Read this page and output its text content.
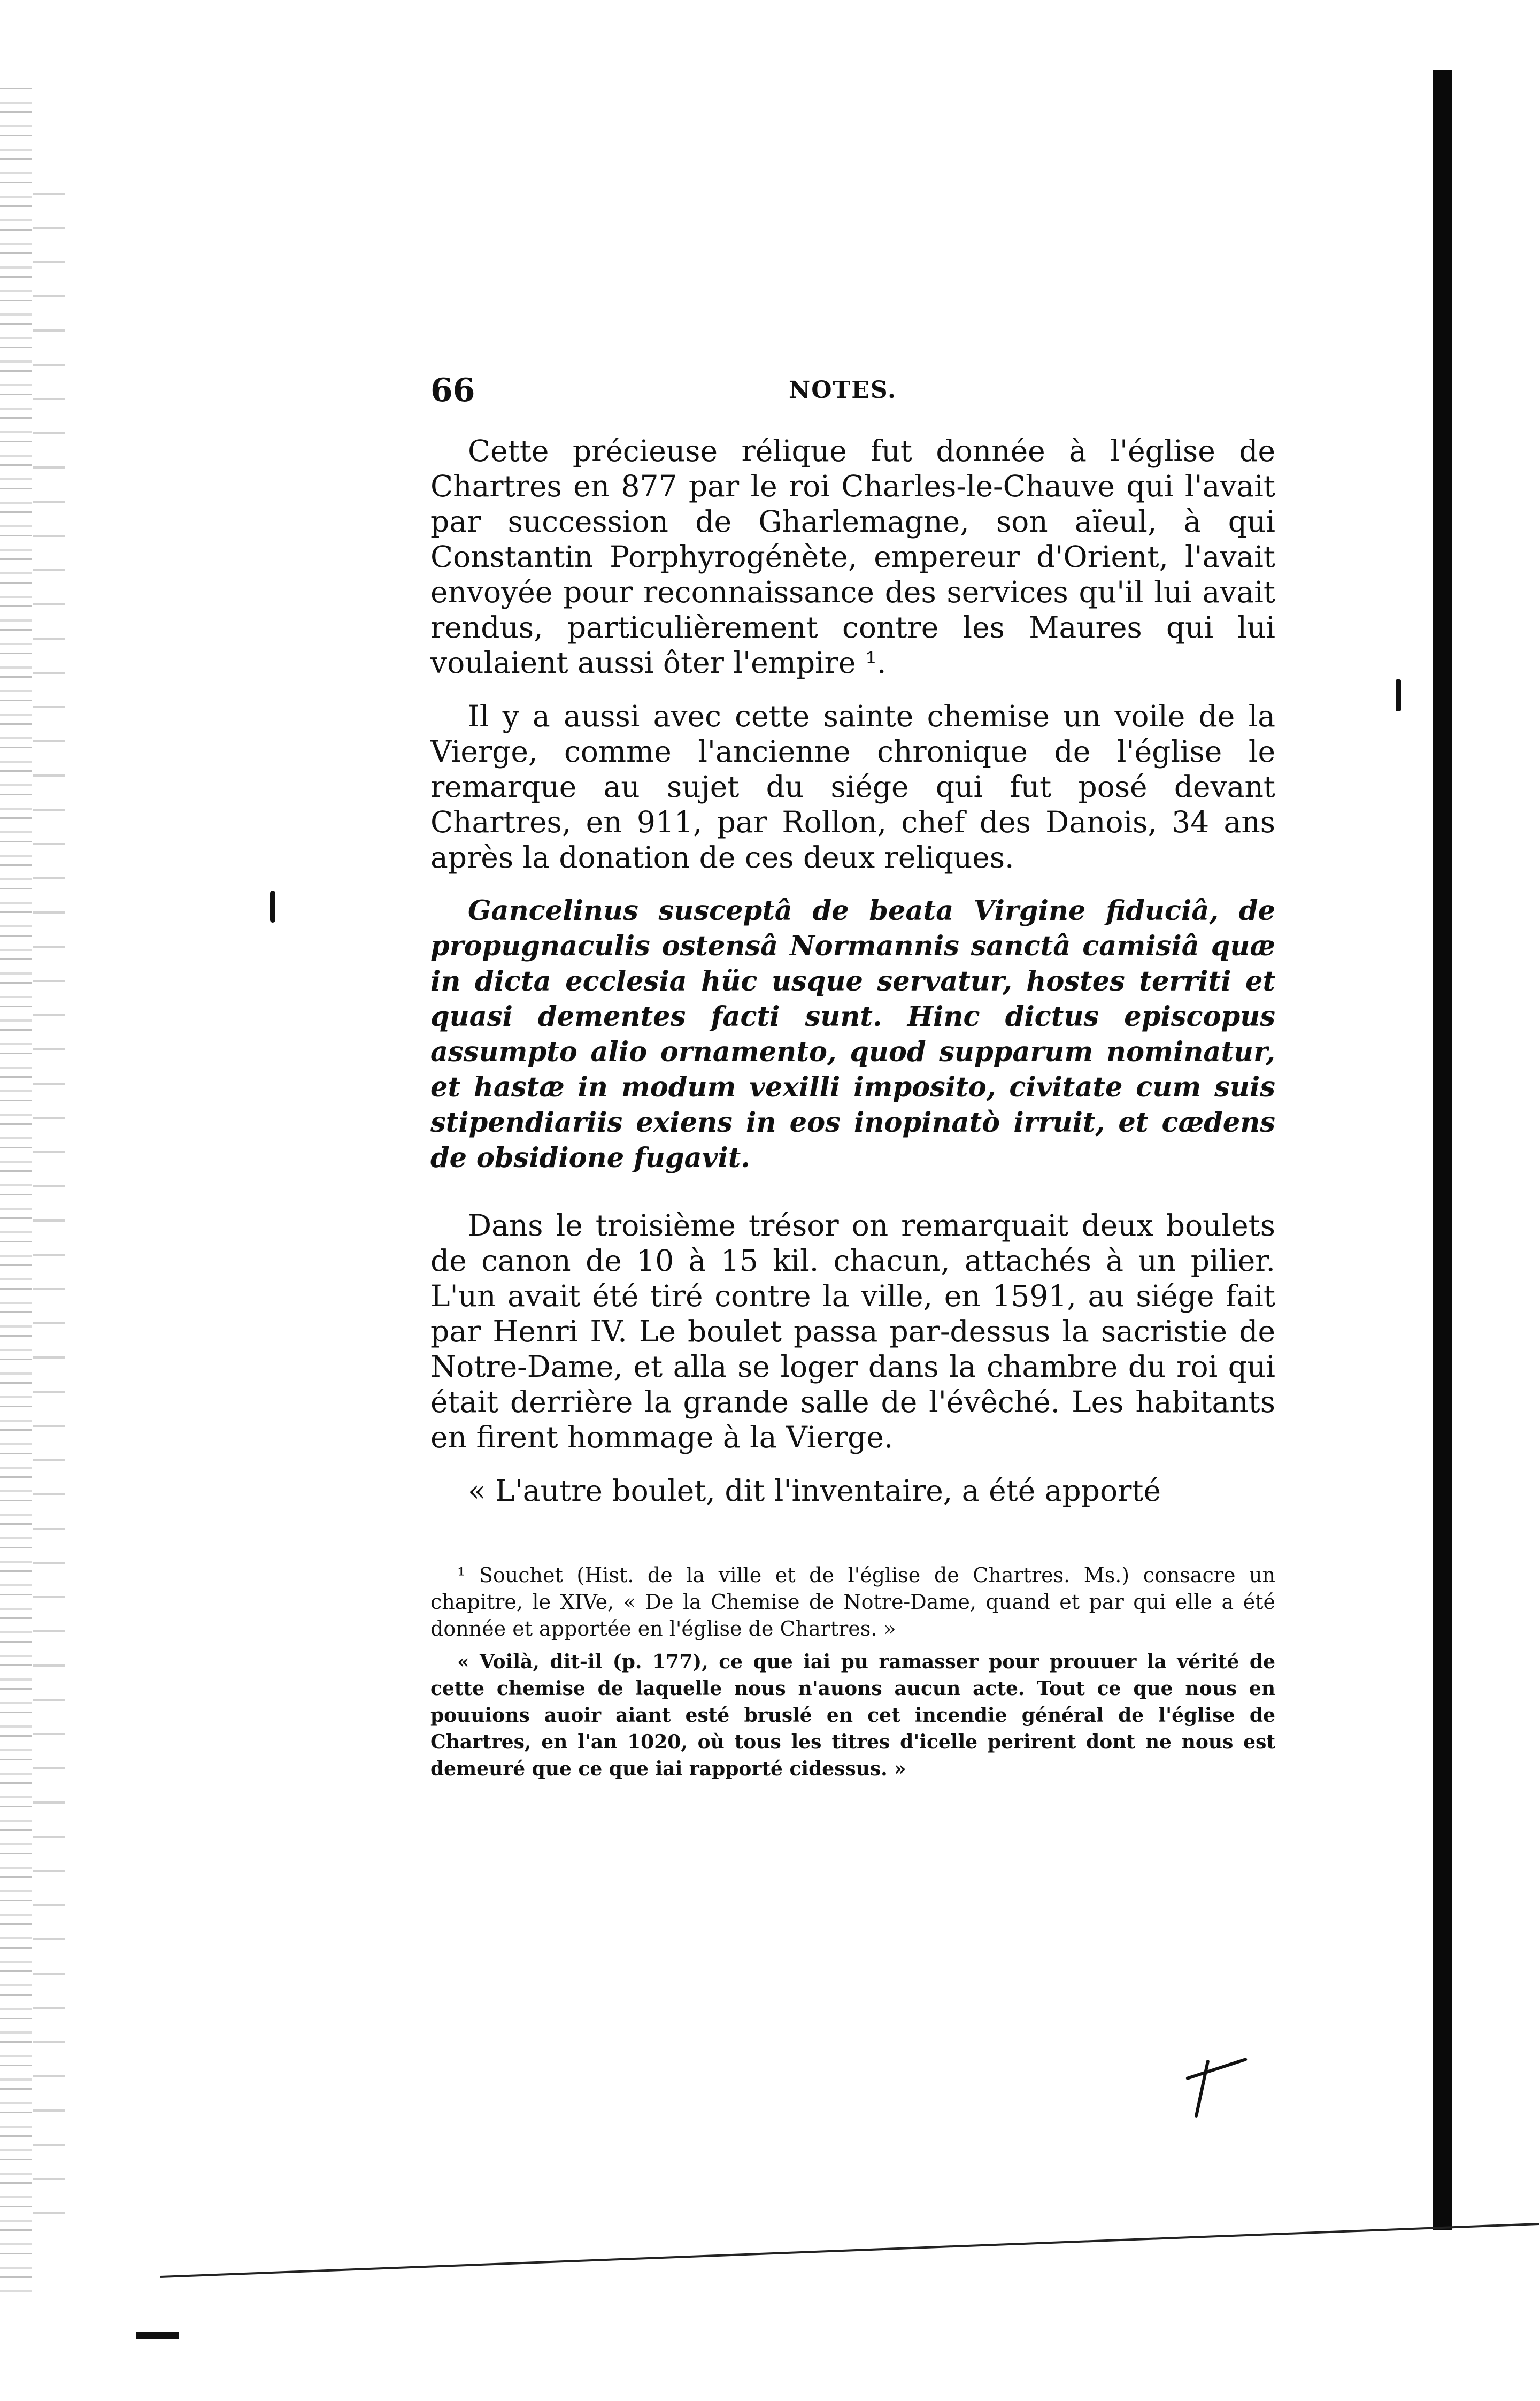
66	NOTES.

Cette précieuse rélique fut donnée à l'église de Chartres en 877 par le roi Charles-le-Chauve qui l'avait par succession de Gharlemagne, son aïeul, à qui Constantin Porphyrogénète, empereur d'Orient, l'avait envoyée pour reconnaissance des services qu'il lui avait rendus, particulièrement contre les Maures qui lui voulaient aussi ôter l'empire ¹.

Il y a aussi avec cette sainte chemise un voile de la Vierge, comme l'ancienne chronique de l'église le remarque au sujet du siége qui fut posé devant Chartres, en 911, par Rollon, chef des Danois, 34 ans après la donation de ces deux reliques.

Gancelinus susceptâ de beata Virgine fiduciâ, de propugnaculis ostensâ Normannis sanctâ camisiâ quæ in dicta ecclesia hüc usque servatur, hostes territi et quasi dementes facti sunt. Hinc dictus episcopus assumpto alio ornamento, quod supparum nominatur, et hastæ in modum vexilli imposito, civitate cum suis stipendiariis exiens in eos inopinatò irruit, et cædens de obsidione fugavit.

Dans le troisième trésor on remarquait deux boulets de canon de 10 à 15 kil. chacun, attachés à un pilier. L'un avait été tiré contre la ville, en 1591, au siége fait par Henri IV. Le boulet passa par-dessus la sacristie de Notre-Dame, et alla se loger dans la chambre du roi qui était derrière la grande salle de l'évêché. Les habitants en firent hommage à la Vierge.

« L'autre boulet, dit l'inventaire, a été apporté

¹ Souchet (Hist. de la ville et de l'église de Chartres. Ms.) consacre un chapitre, le XIVe, « De la Chemise de Notre-Dame, quand et par qui elle a été donnée et apportée en l'église de Chartres. »

« Voilà, dit-il (p. 177), ce que iai pu ramasser pour prouuer la vérité de cette chemise de laquelle nous n'auons aucun acte. Tout ce que nous en pouuions auoir aiant esté bruslé en cet incendie général de l'église de Chartres, en l'an 1020, où tous les titres d'icelle perirent dont ne nous est demeuré que ce que iai rapporté cidessus. »
